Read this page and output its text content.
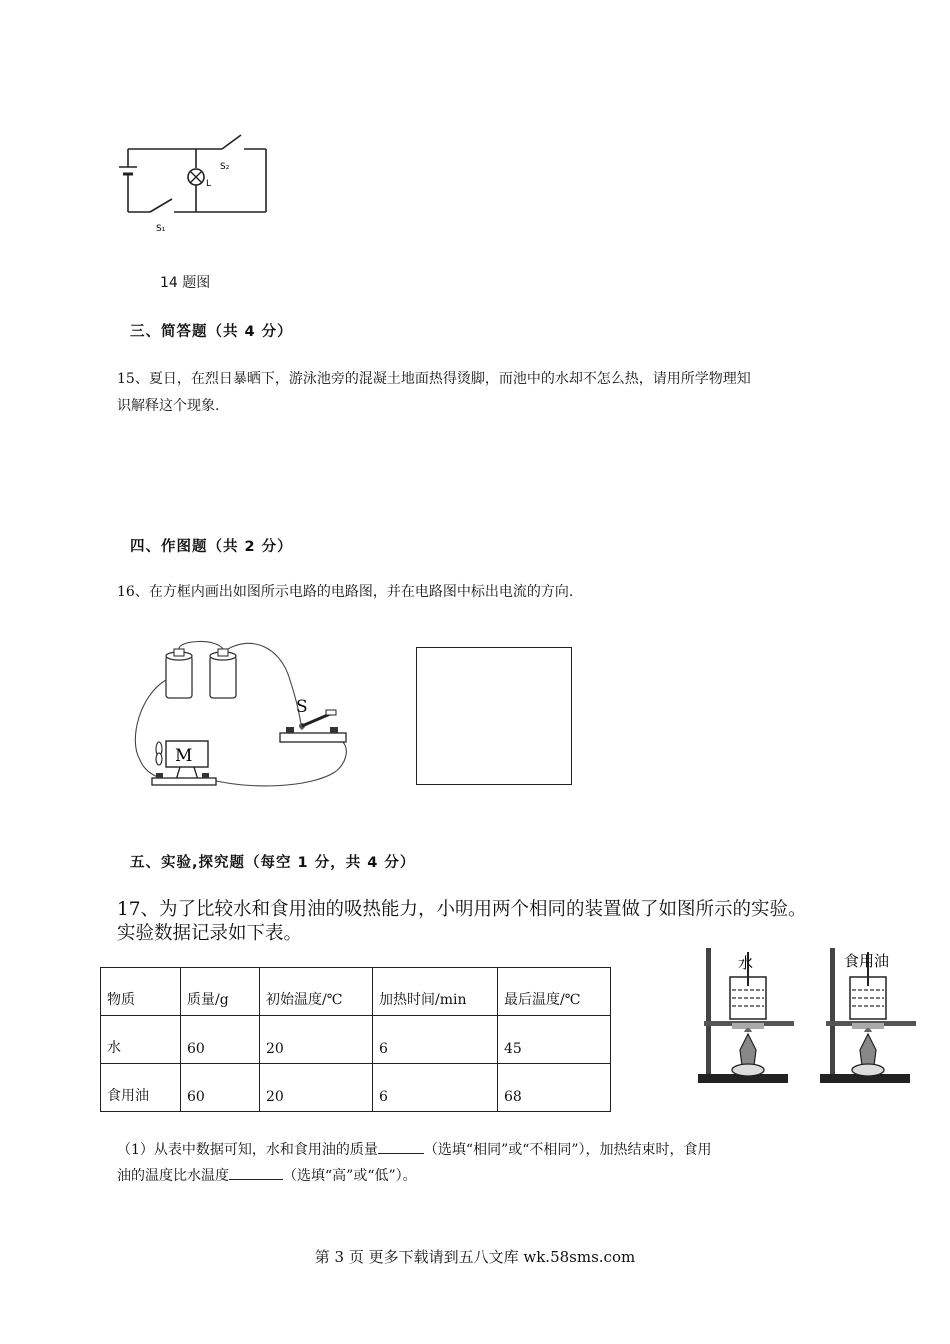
L
S₂
S₁
14 题图
三、简答题（共 4 分）
15、夏日，在烈日暴晒下，游泳池旁的混凝土地面热得烫脚，而池中的水却不怎么热，请用所学物理知
识解释这个现象.
四、作图题（共 2 分）
16、在方框内画出如图所示电路的电路图，并在电路图中标出电流的方向.
M
S
五、实验,探究题（每空 1 分，共 4 分）
17、为了比较水和食用油的吸热能力，小明用两个相同的装置做了如图所示的实验。
实验数据记录如下表。
物质	质量/g	初始温度/℃	加热时间/min	最后温度/℃
水	60	20	6	45
食用油	60	20	6	68
水	食用油
（1）从表中数据可知，水和食用油的质量	（选填“相同”或“不相同”），加热结束时，食用
油的温度比水温度	（选填“高”或“低”）。
第 3 页 更多下载请到五八文库 wk.58sms.com
